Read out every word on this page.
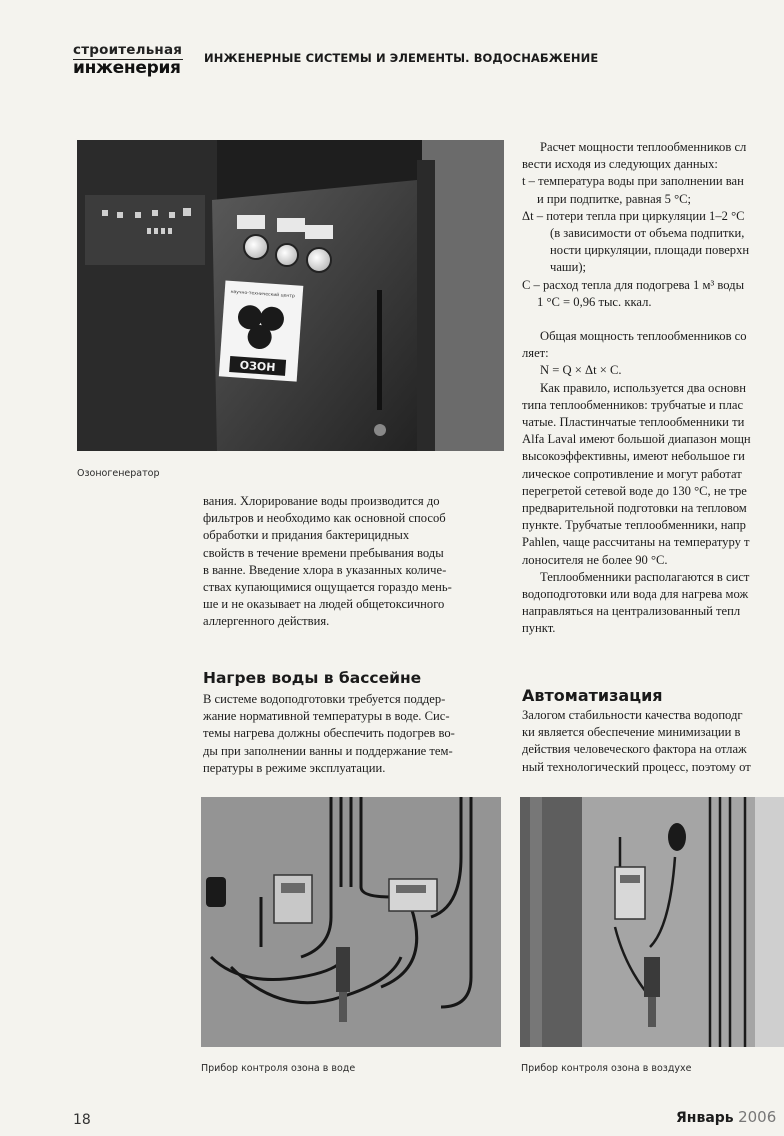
строительная
инженерия ИНЖЕНЕРНЫЕ СИСТЕМЫ И ЭЛЕМЕНТЫ. ВОДОСНАБЖЕНИЕ
ОЗОН
научно-технический центр
Озоногенератор
вания. Хлорирование воды производится до
фильтров и необходимо как основной способ
обработки и придания бактерицидных
свойств в течение времени пребывания воды
в ванне. Введение хлора в указанных количе-
ствах купающимися ощущается гораздо мень-
ше и не оказывает на людей общетоксичного
аллергенного действия.
Нагрев воды в бассейне
В системе водоподготовки требуется поддер-
жание нормативной температуры в воде. Сис-
темы нагрева должны обеспечить подогрев во-
ды при заполнении ванны и поддержание тем-
пературы в режиме эксплуатации.
Расчет мощности теплообменников сл
вести исходя из следующих данных:
t – температура воды при заполнении ван
и при подпитке, равная 5 °С;
Δt – потери тепла при циркуляции 1–2 °С
(в зависимости от объема подпитки,
ности циркуляции, площади поверхн
чаши);
С – расход тепла для подогрева 1 м³ воды
1 °С = 0,96 тыс. ккал.
Общая мощность теплообменников со
ляет:
N = Q × Δt × C.
Как правило, используется два основн
типа теплообменников: трубчатые и плас
чатые. Пластинчатые теплообменники ти
Alfa Laval имеют большой диапазон мощн
высокоэффективны, имеют небольшое ги
лическое сопротивление и могут работат
перегретой сетевой воде до 130 °С, не тре
предварительной подготовки на тепловом
пункте. Трубчатые теплообменники, напр
Pahlen, чаще рассчитаны на температуру т
лоносителя не более 90 °С.
Теплообменники располагаются в сист
водоподготовки или вода для нагрева мож
направляться на централизованный тепл
пункт.
Автоматизация
Залогом стабильности качества водоподг
ки является обеспечение минимизации в
действия человеческого фактора на отлаж
ный технологический процесс, поэтому от
Прибор контроля озона в воде	Прибор контроля озона в воздухе
18	Январь 2006
